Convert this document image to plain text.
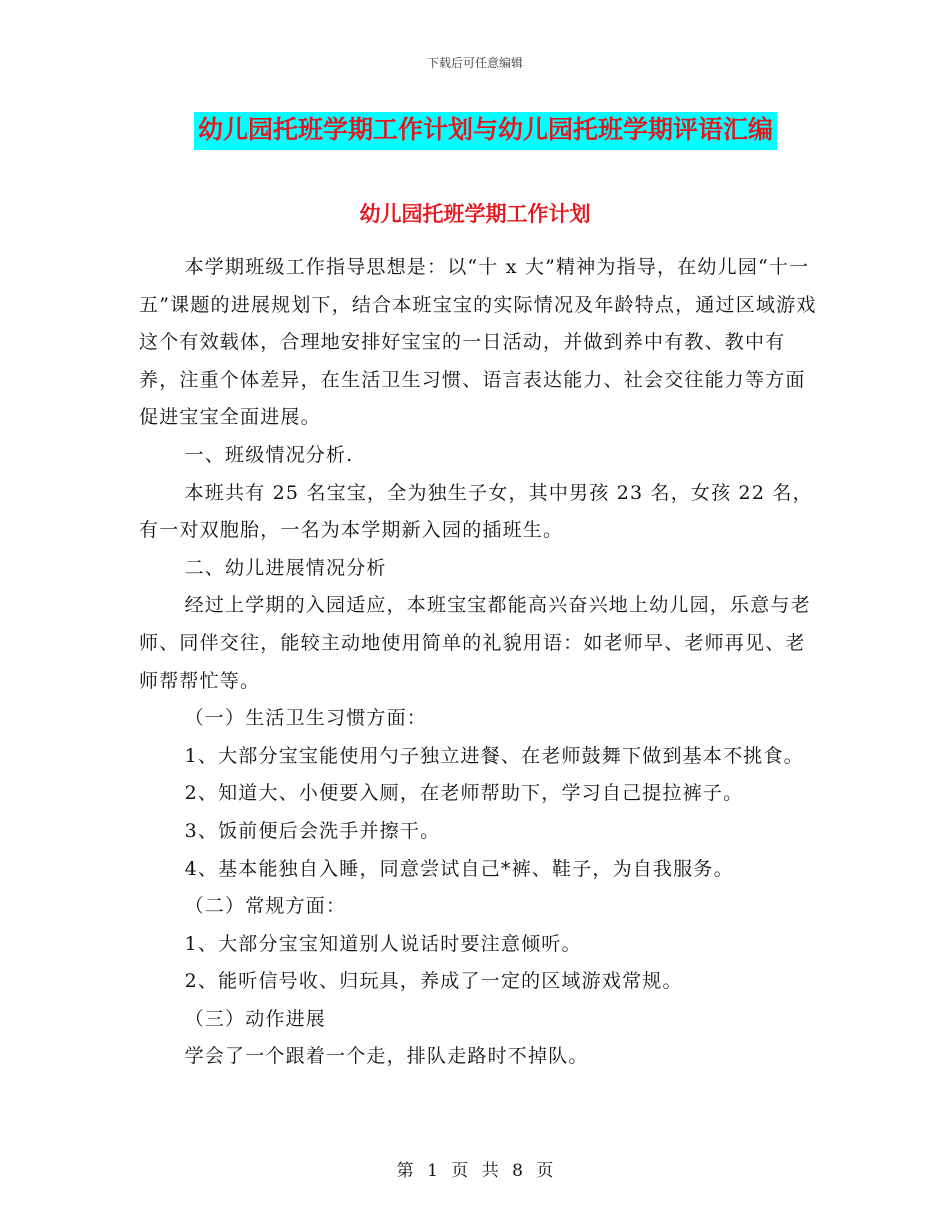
下载后可任意编辑
幼儿园托班学期工作计划与幼儿园托班学期评语汇编
幼儿园托班学期工作计划

本学期班级工作指导思想是：以“十 x 大”精神为指导，在幼儿园“十一五”课题的进展规划下，结合本班宝宝的实际情况及年龄特点，通过区域游戏这个有效载体，合理地安排好宝宝的一日活动，并做到养中有教、教中有养，注重个体差异，在生活卫生习惯、语言表达能力、社会交往能力等方面促进宝宝全面进展。

一、班级情况分析.

本班共有 25 名宝宝，全为独生子女，其中男孩 23 名，女孩 22 名，有一对双胞胎，一名为本学期新入园的插班生。

二、幼儿进展情况分析

经过上学期的入园适应，本班宝宝都能高兴奋兴地上幼儿园，乐意与老师、同伴交往，能较主动地使用简单的礼貌用语：如老师早、老师再见、老师帮帮忙等。

（一）生活卫生习惯方面：

1、大部分宝宝能使用勺子独立进餐、在老师鼓舞下做到基本不挑食。

2、知道大、小便要入厕，在老师帮助下，学习自己提拉裤子。

3、饭前便后会洗手并擦干。

4、基本能独自入睡，同意尝试自己*裤、鞋子，为自我服务。

（二）常规方面：

1、大部分宝宝知道别人说话时要注意倾听。

2、能听信号收、归玩具，养成了一定的区域游戏常规。

（三）动作进展

学会了一个跟着一个走，排队走路时不掉队。

第 1 页 共 8 页
